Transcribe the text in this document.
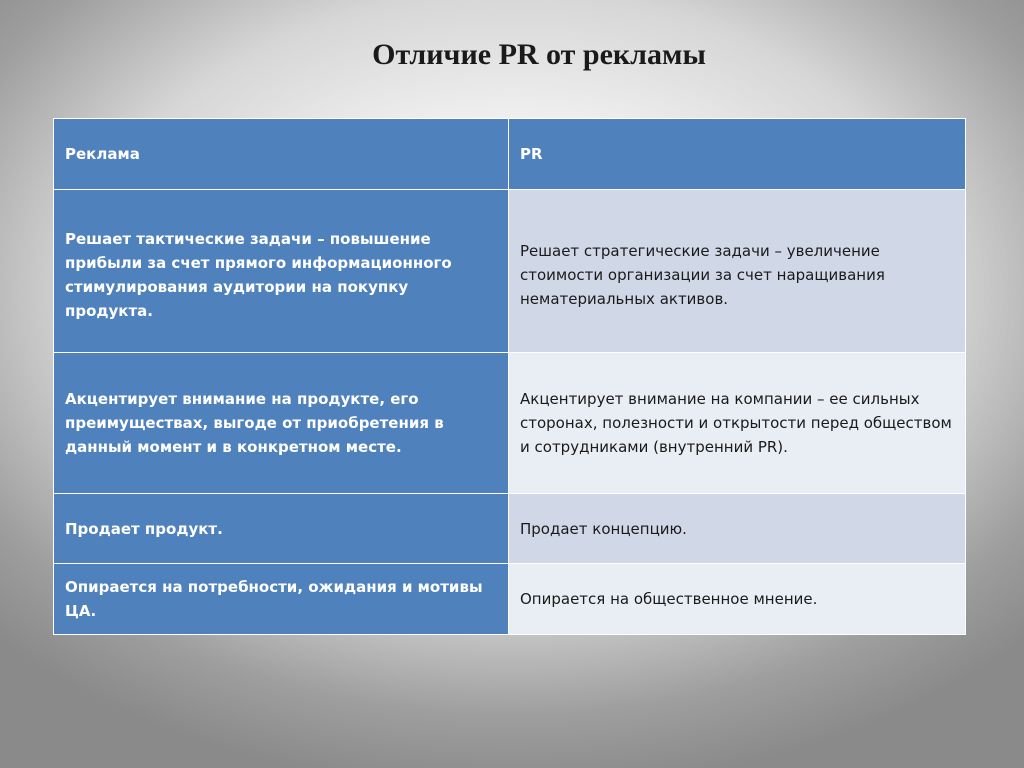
Отличие PR от рекламы
Реклама	PR
Решает тактические задачи – повышение прибыли за счет прямого информационного стимулирования аудитории на покупку продукта.	Решает стратегические задачи – увеличение стоимости организации за счет наращивания нематериальных активов.
Акцентирует внимание на продукте, его преимуществах, выгоде от приобретения в данный момент и в конкретном месте.	Акцентирует внимание на компании – ее сильных сторонах, полезности и открытости перед обществом и сотрудниками (внутренний PR).
Продает продукт.	Продает концепцию.
Опирается на потребности, ожидания и мотивы ЦА.	Опирается на общественное мнение.
